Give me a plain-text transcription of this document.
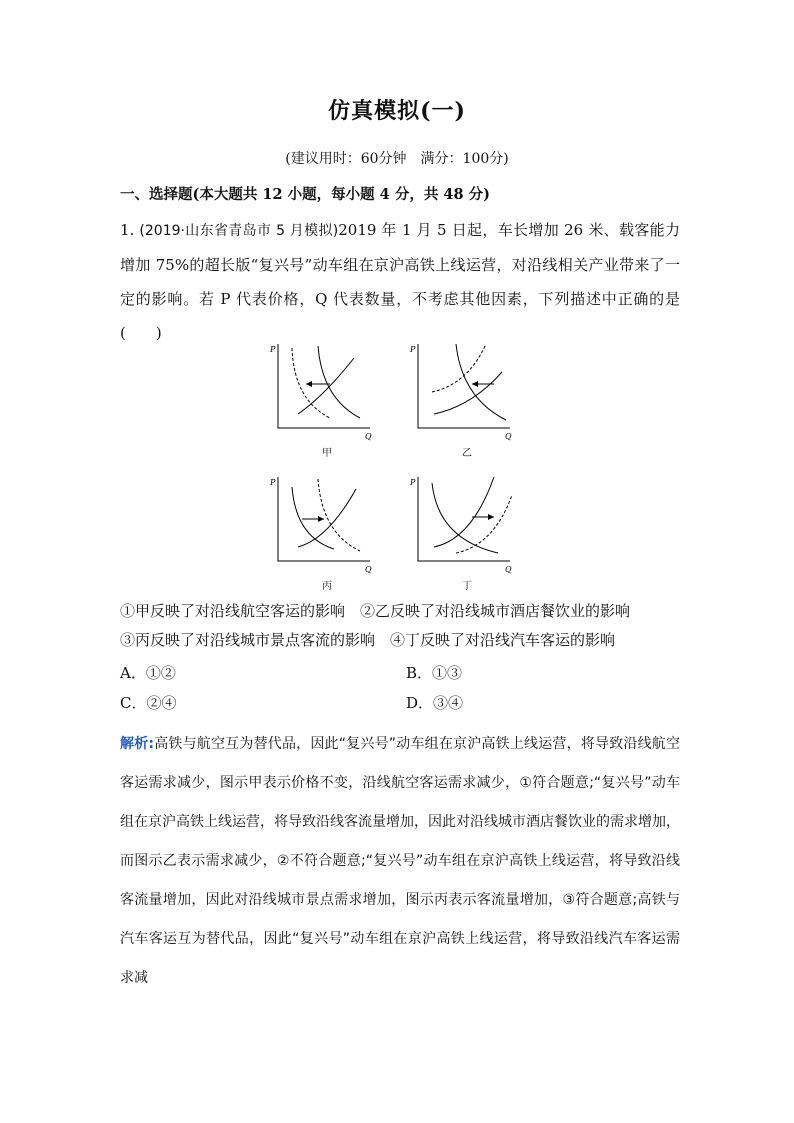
仿真模拟(一)
(建议用时：60分钟　满分：100分)
一、选择题(本大题共 12 小题，每小题 4 分，共 48 分)
1. (2019·山东省青岛市 5 月模拟)2019 年 1 月 5 日起，车长增加 26 米、载客能力增加 75%的超长版“复兴号”动车组在京沪高铁上线运营，对沿线相关产业带来了一定的影响。若 P 代表价格，Q 代表数量，不考虑其他因素，下列描述中正确的是(　　)
P
Q
甲
P
Q
乙
P
Q
丙
P
Q
丁
①甲反映了对沿线航空客运的影响　②乙反映了对沿线城市酒店餐饮业的影响
③丙反映了对沿线城市景点客流的影响　④丁反映了对沿线汽车客运的影响
A．①②	B．①③
C．②④	D．③④
解析:高铁与航空互为替代品，因此“复兴号”动车组在京沪高铁上线运营，将导致沿线航空客运需求减少，图示甲表示价格不变，沿线航空客运需求减少，①符合题意;“复兴号”动车组在京沪高铁上线运营，将导致沿线客流量增加，因此对沿线城市酒店餐饮业的需求增加，而图示乙表示需求减少，②不符合题意;“复兴号”动车组在京沪高铁上线运营，将导致沿线客流量增加，因此对沿线城市景点需求增加，图示丙表示客流量增加，③符合题意;高铁与汽车客运互为替代品，因此“复兴号”动车组在京沪高铁上线运营，将导致沿线汽车客运需求减
